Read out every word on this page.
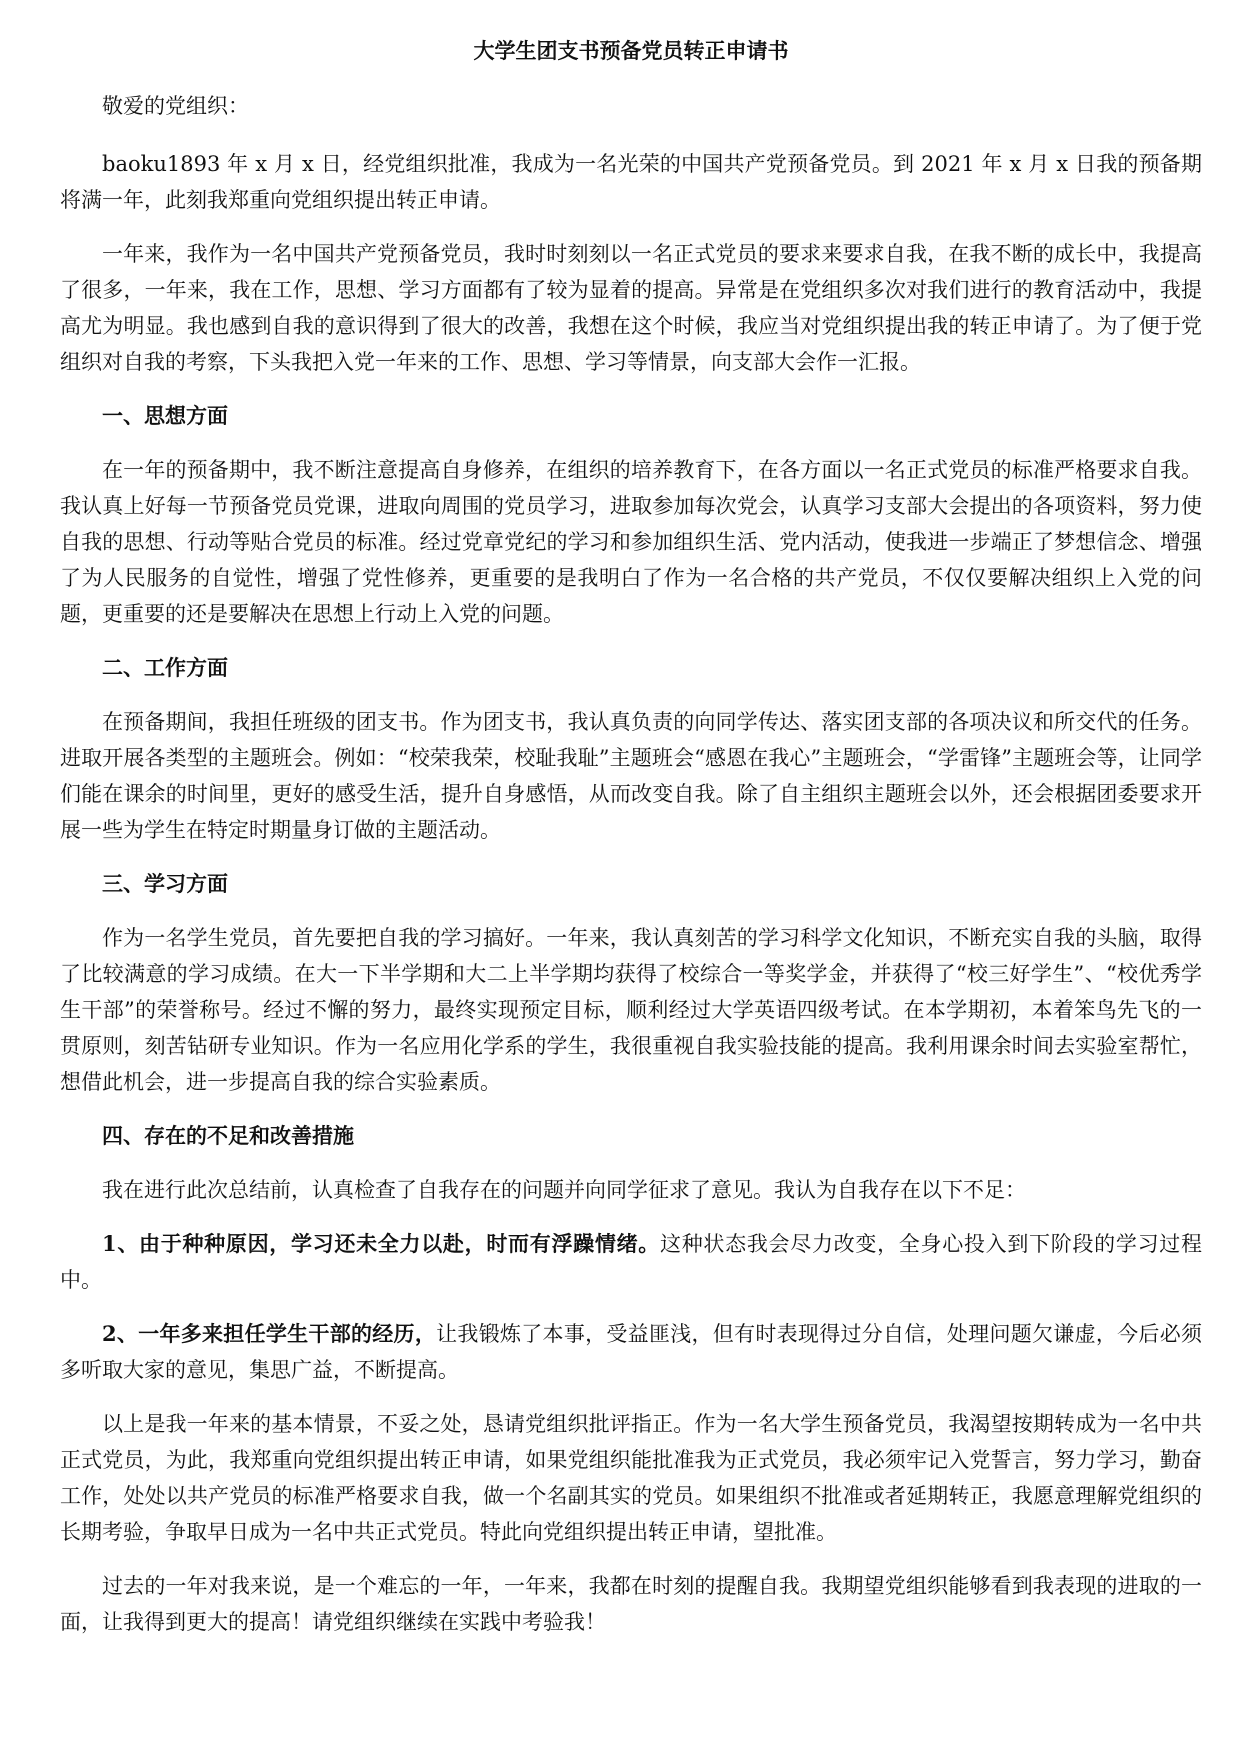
大学生团支书预备党员转正申请书

敬爱的党组织：

baoku1893 年 x 月 x 日，经党组织批准，我成为一名光荣的中国共产党预备党员。到 2021 年 x 月 x 日我的预备期将满一年，此刻我郑重向党组织提出转正申请。

一年来，我作为一名中国共产党预备党员，我时时刻刻以一名正式党员的要求来要求自我，在我不断的成长中，我提高了很多，一年来，我在工作，思想、学习方面都有了较为显着的提高。异常是在党组织多次对我们进行的教育活动中，我提高尤为明显。我也感到自我的意识得到了很大的改善，我想在这个时候，我应当对党组织提出我的转正申请了。为了便于党组织对自我的考察，下头我把入党一年来的工作、思想、学习等情景，向支部大会作一汇报。

一、思想方面

在一年的预备期中，我不断注意提高自身修养，在组织的培养教育下，在各方面以一名正式党员的标准严格要求自我。我认真上好每一节预备党员党课，进取向周围的党员学习，进取参加每次党会，认真学习支部大会提出的各项资料，努力使自我的思想、行动等贴合党员的标准。经过党章党纪的学习和参加组织生活、党内活动，使我进一步端正了梦想信念、增强了为人民服务的自觉性，增强了党性修养，更重要的是我明白了作为一名合格的共产党员，不仅仅要解决组织上入党的问题，更重要的还是要解决在思想上行动上入党的问题。

二、工作方面

在预备期间，我担任班级的团支书。作为团支书，我认真负责的向同学传达、落实团支部的各项决议和所交代的任务。进取开展各类型的主题班会。例如：“校荣我荣，校耻我耻”主题班会“感恩在我心”主题班会，“学雷锋”主题班会等，让同学们能在课余的时间里，更好的感受生活，提升自身感悟，从而改变自我。除了自主组织主题班会以外，还会根据团委要求开展一些为学生在特定时期量身订做的主题活动。

三、学习方面

作为一名学生党员，首先要把自我的学习搞好。一年来，我认真刻苦的学习科学文化知识，不断充实自我的头脑，取得了比较满意的学习成绩。在大一下半学期和大二上半学期均获得了校综合一等奖学金，并获得了“校三好学生”、“校优秀学生干部”的荣誉称号。经过不懈的努力，最终实现预定目标，顺利经过大学英语四级考试。在本学期初，本着笨鸟先飞的一贯原则，刻苦钻研专业知识。作为一名应用化学系的学生，我很重视自我实验技能的提高。我利用课余时间去实验室帮忙，想借此机会，进一步提高自我的综合实验素质。

四、存在的不足和改善措施

我在进行此次总结前，认真检查了自我存在的问题并向同学征求了意见。我认为自我存在以下不足：

1、由于种种原因，学习还未全力以赴，时而有浮躁情绪。这种状态我会尽力改变，全身心投入到下阶段的学习过程中。

2、一年多来担任学生干部的经历，让我锻炼了本事，受益匪浅，但有时表现得过分自信，处理问题欠谦虚，今后必须多听取大家的意见，集思广益，不断提高。

以上是我一年来的基本情景，不妥之处，恳请党组织批评指正。作为一名大学生预备党员，我渴望按期转成为一名中共正式党员，为此，我郑重向党组织提出转正申请，如果党组织能批准我为正式党员，我必须牢记入党誓言，努力学习，勤奋工作，处处以共产党员的标准严格要求自我，做一个名副其实的党员。如果组织不批准或者延期转正，我愿意理解党组织的长期考验，争取早日成为一名中共正式党员。特此向党组织提出转正申请，望批准。

过去的一年对我来说，是一个难忘的一年，一年来，我都在时刻的提醒自我。我期望党组织能够看到我表现的进取的一面，让我得到更大的提高！请党组织继续在实践中考验我！
